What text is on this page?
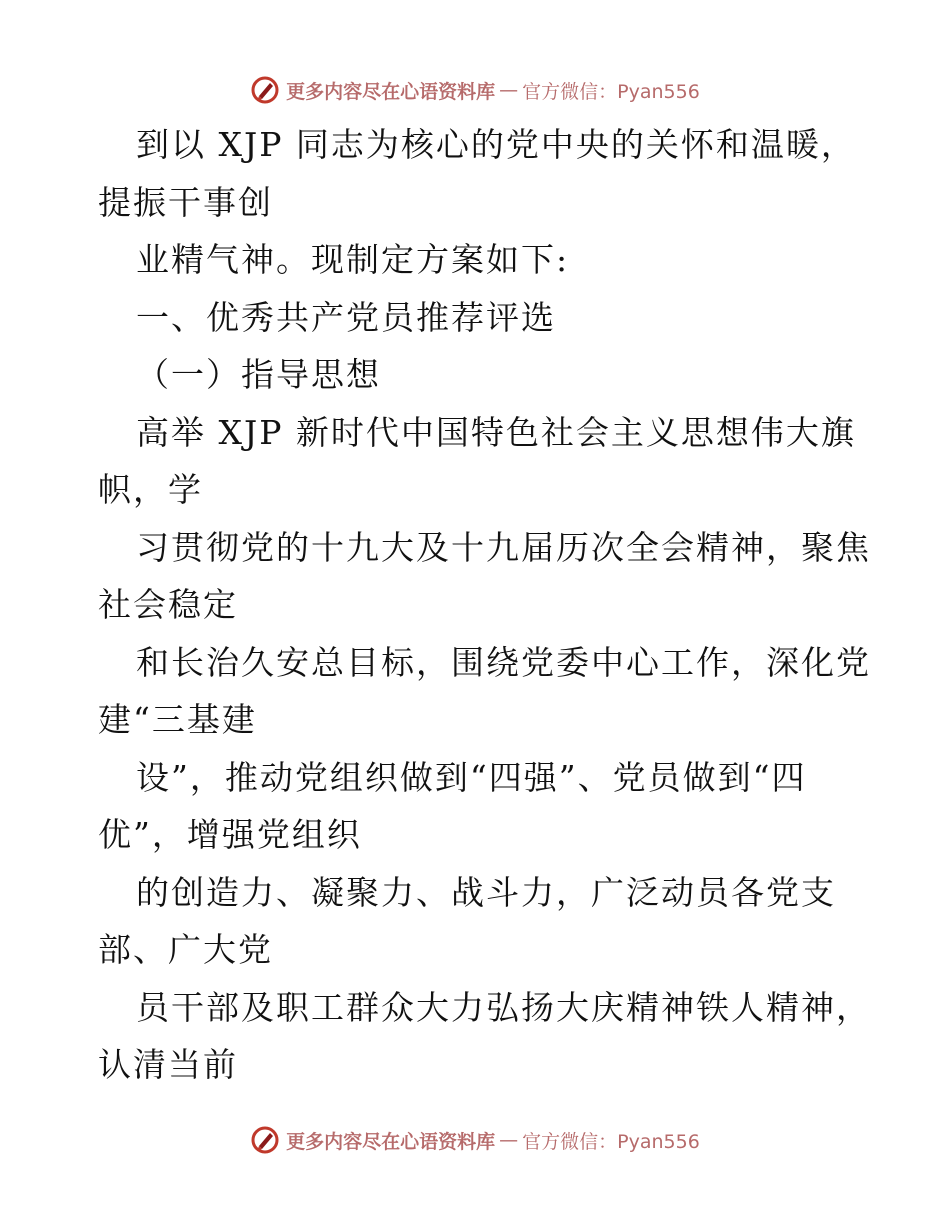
更多内容尽在心语资料库 — 官方微信：Pyan556
到以 XJP 同志为核心的党中央的关怀和温暖，
提振干事创
业精气神。现制定方案如下:
一、优秀共产党员推荐评选
（一）指导思想
高举 XJP 新时代中国特色社会主义思想伟大旗
帜，学
习贯彻党的十九大及十九届历次全会精神，聚焦
社会稳定
和长治久安总目标，围绕党委中心工作，深化党
建“三基建
设”，推动党组织做到“四强”、党员做到“四
优”，增强党组织
的创造力、凝聚力、战斗力，广泛动员各党支
部、广大党
员干部及职工群众大力弘扬大庆精神铁人精神，
认清当前
更多内容尽在心语资料库 — 官方微信：Pyan556
